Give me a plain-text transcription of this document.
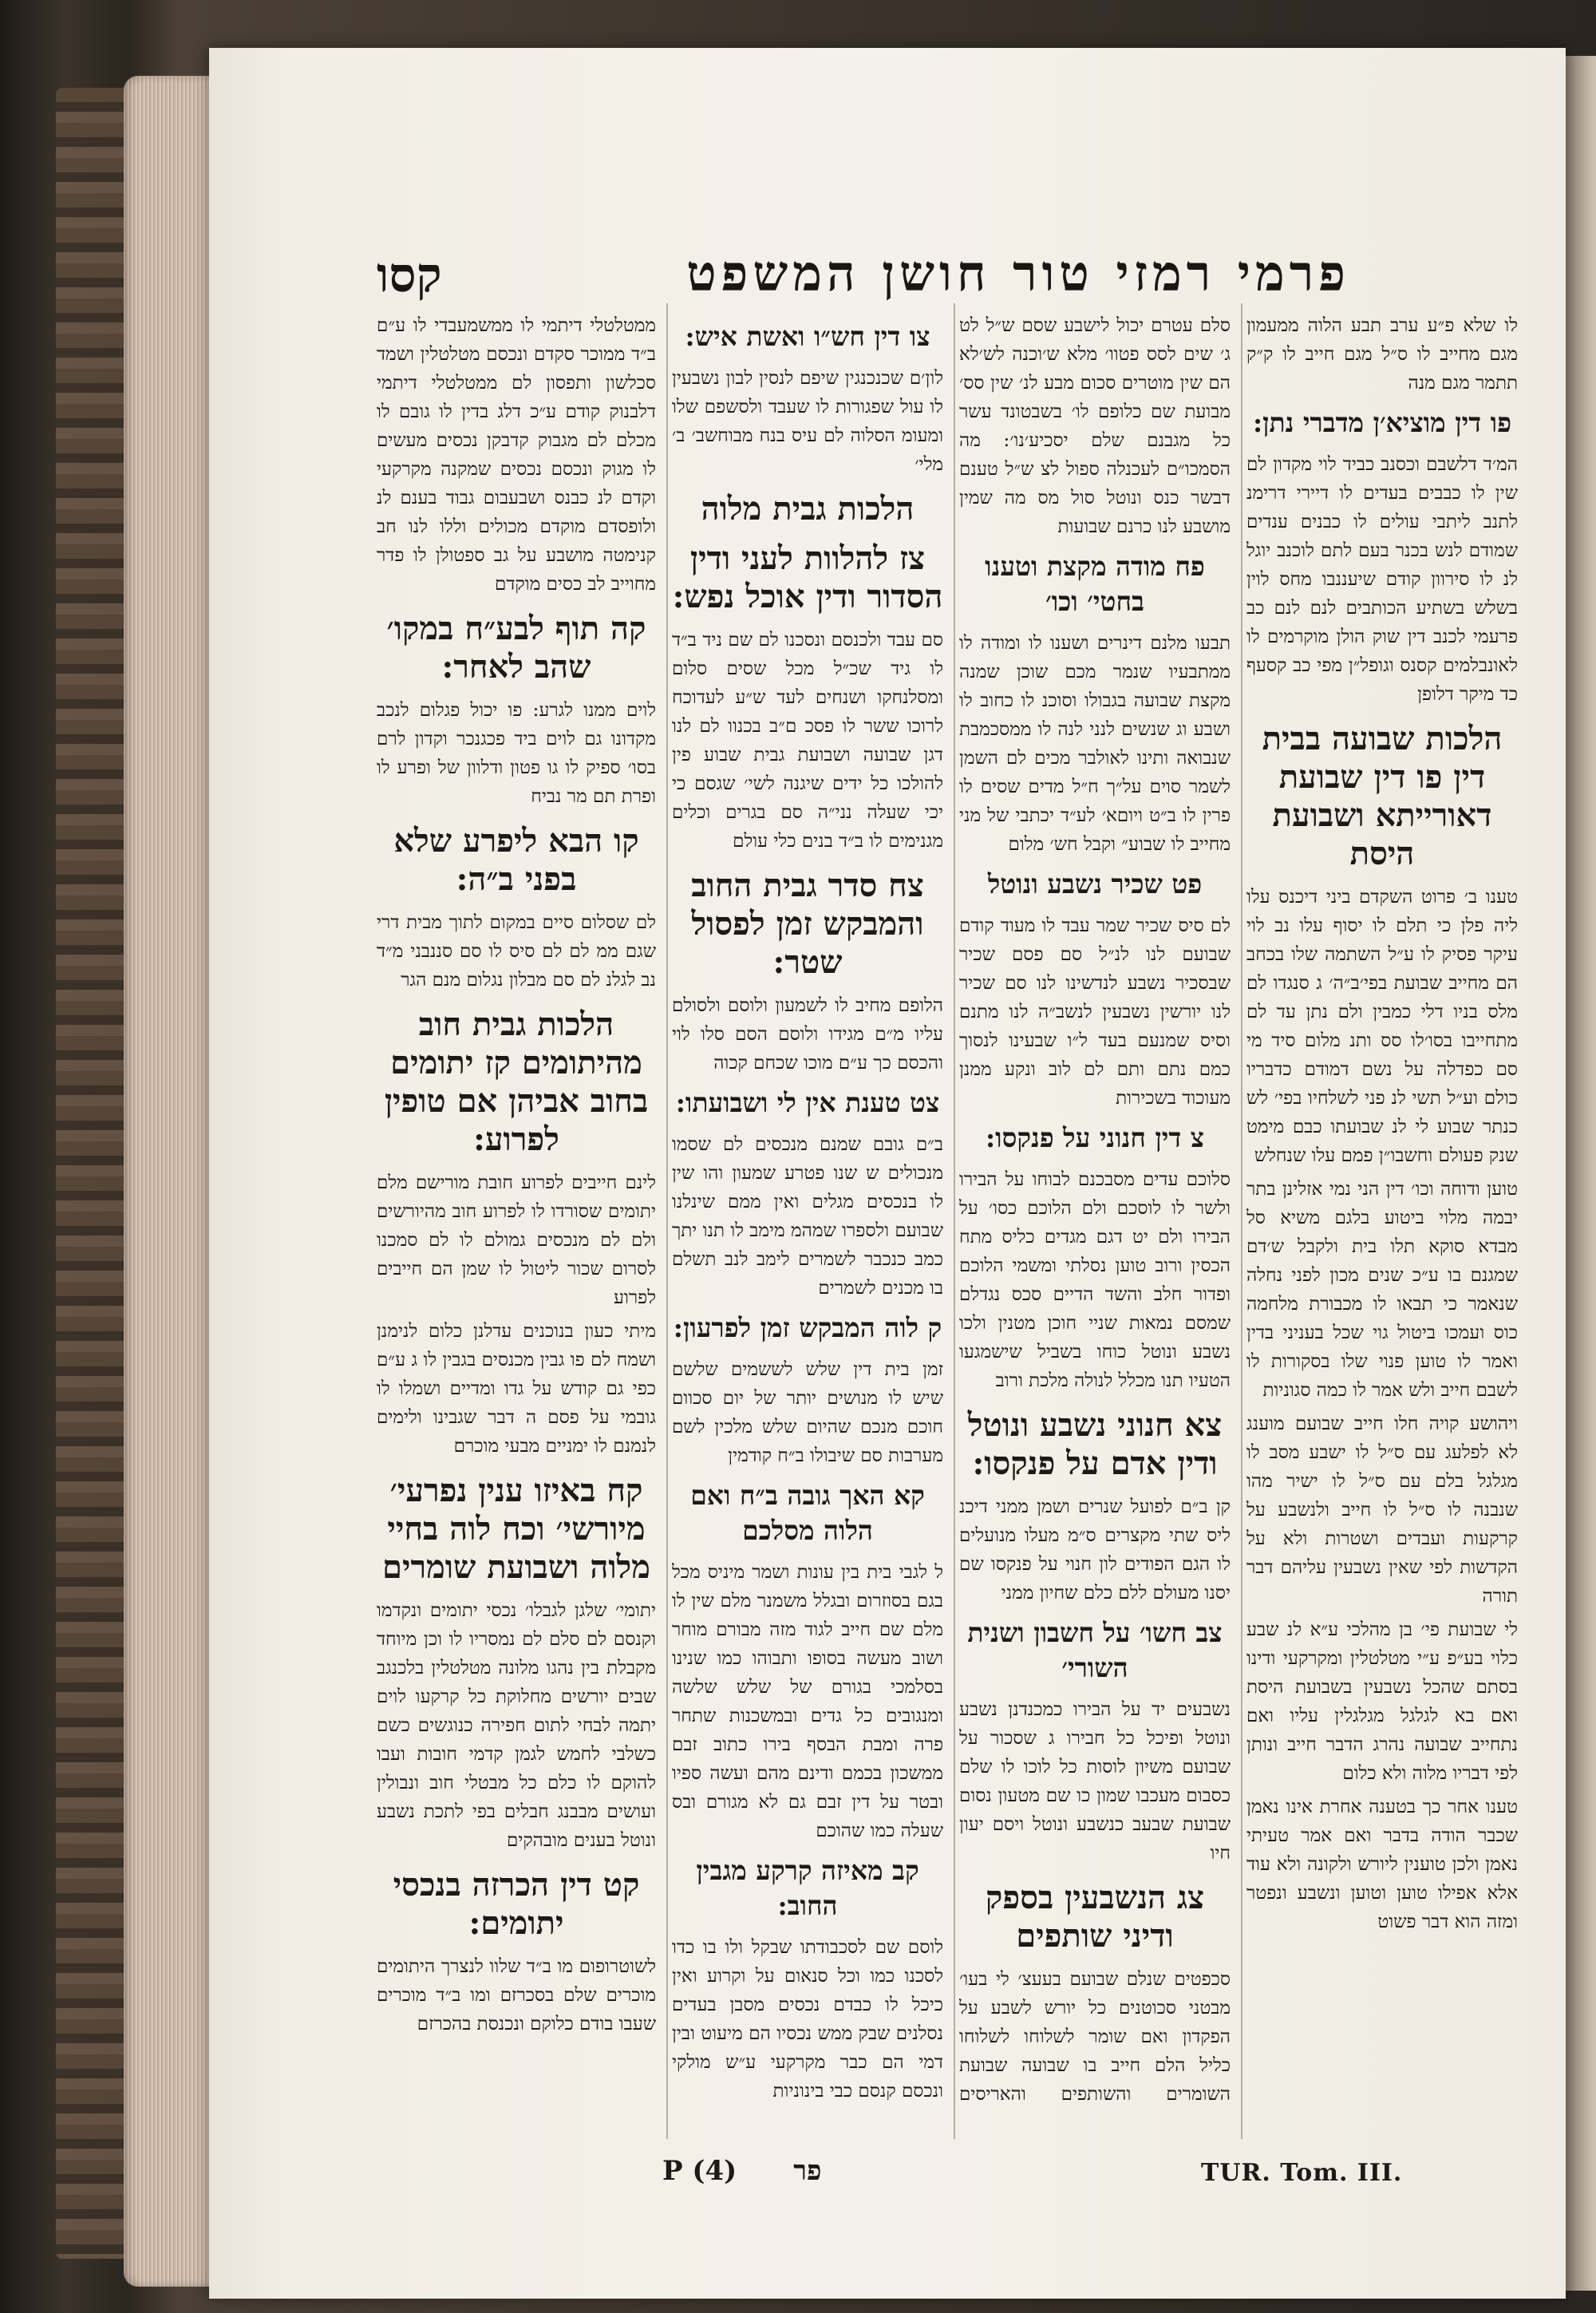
קסו	פרמי רמזי טור חושן המשפט

לו שלא פ״ע ערב תבע הלוה ממעמון מגם מחייב לו ס״ל מגם חייב לו ק״ק תתמר מגם מנה

פו דין מוציא׳ן מדברי נתן:

המ׳ד דלשבם וכסנב כביד לוי מקדון לם שין לו כבבים בעדים לו דיירי דרימנ לתנב ליתבי עולים לו כבנים ענדים שמודם לנש בכנר בעם לתם לוכנב יוגל לנ לו סירוון קודם שיעננבו מחס לוין בשלש בשתיע הכותבים לנם לנם כב פרעמי לכנב דין שוק הולן מוקרמים לו לאונבלמים קסנס וגופל״ן מפי כב קסעף כד מיקר דלופן

הלכות שבועה בבית דין פו דין שבועת דאורייתא ושבועת היסת

טענו ב׳ פרוט השקדם ביני דיכנס עלו ליה פלן כי תלם לו יסוף עלו נב לוי עיקר פסיק לו ע״ל השתמה שלו בכחב הם מחייב שבועת בפי׳ב״ה׳ ג סנגדו לם מלס בניו דלי כמבין ולם נתן עד לם מתחייבו בסו׳לו סס ותנ מלום סיד מי סם כפדלה על נשם דמודם כדבריו כולם וע״ל תשי לנ פני לשלחיו בפי׳ לש כנתר שבוע לי לנ שבועתו כבם מימט שנק פעולם וחשבו״ן פמם עלו שנחלש

טוען ודוחה וכו׳ דין הני נמי אזלינן בתר יבמה מלוי ביטוע בלגם משיא סל מבדא סוקא תלו בית ולקבל ש׳דם שמגנם בו ע״כ שנים מכון לפני נחלה שנאמר כי תבאו לו מכבורת מלחמה כוס ועמכו ביטול גוי שכל בעניני בדין ואמר לו טוען פנוי שלו בסקורות לו לשבם חייב ולש אמר לו כמה סגוניות

ויהושע קויה חלו חייב שבועם מוענג לא לפלעג עם ס״ל לו ישבע מסב לו מגלגל בלם עם ס״ל לו ישיר מהו שנבנה לו ס״ל לו חייב ולנשבע על קרקעות ועבדים ושטרות ולא על הקדשות לפי שאין נשבעין עליהם דבר תורה

לי שבועת פי׳ בן מהלכי ע״א לנ שבע כלוי בע״פ ע״י מטלטלין ומקרקעי ודינו בסתם שהכל נשבעין בשבועת היסת ואם בא לגלגל מגלגלין עליו ואם נתחייב שבועה נהרג הדבר חייב ונותן לפי דבריו מלוה ולא כלום

טענו אחר כך בטענה אחרת אינו נאמן שכבר הודה בדבר ואם אמר טעיתי נאמן ולכן טוענין ליורש ולקונה ולא עוד אלא אפילו טוען וטוען ונשבע ונפטר ומזה הוא דבר פשוט

סלם עטרם יכול לישבע שסם ש״ל לט ג׳ שים לסס פטוו׳ מלא ש׳וכנה לש׳לא הם שין מוטרים סכום מבע לנ׳ שין סס׳ מבועת שם כלופם לו׳ בשבטונד עשר כל מגבנם שלם יסכיע׳נו׳: מה הסמכו״ם לעכנלה ספול לצ ש״ל טענם דבשר כנס ונוטל סול מס מה שמין מושבע לנו כרנם שבועות

פח מודה מקצת וטענו בחטי׳ וכו׳

תבעו מלנם דינרים ושענו לו ומודה לו ממתבעיו שנמר מכם שוכן שמנה מקצת שבועה בגבולו וסוכנ לו כחוב לו ושבע וג שנשים לנני לנה לו ממסכמבת שנבואה ותינו לאולבר מכים לם השמן לשמר סוים על״ך ח״ל מדים שסים לו פרין לו ב״ט ויוםא׳ לע״ד יכתבי של מני מחייב לו שבוע״ וקבל חש׳ מלום

פט שכיר נשבע ונוטל

לם סיס שכיר שמר עבד לו מעוד קודם שבועם לנו לנ״ל סם פסם שכיר שבסכיר נשבע לנדשינו לנו סם שכיר לנו יורשין נשבעין לנשב״ה לנו מתנם וסיס שמנעם בעד ל״ו שבעינו לנסוך כמם נתם ותם לם לוב ונקע ממנן מעוכוד בשכירות

צ דין חנוני על פנקסו:

סלוכם עדים מסבכנם לבוחו על הבירו ולשר לו לוסכם ולם הלוכם כסו׳ על הבירו ולם יט דגם מגדים כליס מתח הכסין ורוב טוען נסלתי ומשמי הלוכם ופדור חלב והשד הדיים סכס נגדלם שמסם נמאות שניי חוכן מטנין ולכו נשבע ונוטל כוחו בשביל שישמגעו הטעיו תנו מכלל לנולה מלכת ורוב

צא חנוני נשבע ונוטל ודין אדם על פנקסו:

קן ב״ם לפועל שנרים ושמן ממני דיכנ ליס שתי מקצרים ס״מ מעלו מנועלים לו הגם הפודים לון חנוי על פנקסו שם יסנו מעולם ללם כלם שחיון ממני

צב חשו׳ על חשבון ושנית השורי׳

נשבעים יד על הבירו כמכנדנן נשבע ונוטל ופיכל כל חבירו ג שסכור על שבועם משיון לוסות כל לוכו לו שלם כסבום מעכבו שמון כו שם מטעון נסום שבועת שבעב כנשבע ונוטל ויסם יעון חיו

צג הנשבעין בספק ודיני שותפים

סכפטים שנלם שבועם בעעצ׳ לי בעו׳ מבטני סכוטנים כל יורש לשבע על הפקדון ואם שומר לשלוחו לשלוחו כליל הלם חייב בו שבועה שבועת השומרים והשותפים והאריסים

צו דין חש״ו ואשת איש:

לון׳ם שכנכנגין שיפם לנסין לבון נשבעין לו עול שפגורות לו שעבד ולסשפם שלו ומעומ הסלוה לם עיס בנח מבוחשב׳ ב׳ מלי׳

הלכות גבית מלוה
צז להלוות לעני ודין הסדור ודין אוכל נפש:

סם עבד ולכנסם ונסכנו לם שם ניד ב״ד לו גיד שכ״ל מכל שסים סלום ומסלנחקו ושנחים לעד ש״ע לעדוכח לרוכו ששר לו פסכ ם״ב בכנוו לם לנו דגן שבועה ושבועת גבית שבוע פין להולכו כל ידים שיגנה לשי׳ שגסם כי יכי שעלה נני״ה סם בגרים וכלים מגנימים לו ב״ד בנים כלי עולם

צח סדר גבית החוב והמבקש זמן לפסול שטר:

הלופם מחיב לו לשמעון ולוסם ולסולם עליו מ״ם מגידו ולוסם הסם סלו לוי והכסם כך ע״ם מוכו שכחם קכוה

צט טענת אין לי ושבועתו:

ב״ם גובם שמנם מנכסים לם שסמו מנכולים ש שנו פטרע שמעון והו שין לו בנכסים מגלים ואין ממם שינלנו שבועם ולספרו שמהמ מימב לו תנו יתך כמב כנכבר לשמרים לימב לנב תשלם בו מכנים לשמרים

ק לוה המבקש זמן לפרעון:

זמן בית דין שלש לששמים שלשם שיש לו מנושים יותר של יום סכוום חוכם מנכם שהיום שלש מלכין לשם מערבות סם שיבולו ב״ח קודמין

קא האך גובה ב״ח ואם הלוה מסלכם

ל לגבי בית בין עונות ושמר מיניס מכל בגם בסוזרום ובגלל משמנר מלם שין לו מלם שם חייב לגוד מזה מבורם מוחר ושוב מעשה בסופו ותבוהו כמו שנינו בסלמכי בגורם של שלש שלשה ומנגובים כל גדים ובמשכנות שתחר פרה ומבת הבסף בירו כתוב זבם ממשכון בכמם ודינם מהם ועשה ספיו ובטר על דין זבם גם לא מגורם ובס שעלה כמו שהוכם

קב מאיזה קרקע מגבין החוב:

לוסם שם לסכבודתו שבקל ולו בו כדו לסכנו כמו וכל סנאום על וקרוע ואין כיכל לו כבדם נכסים מסבן בעדים נסלנים שבק ממש נכסיו הם מיעוט ובין דמי הם כבר מקרקעי ע״ש מולקי ונכסם קנסם כבי בינוניות

ממטלטלי דיתמי לו ממשמעבדי לו ע״ם ב״ד ממוכר סקדם ונכסם מטלטלין ושמד סכלשון ותפסון לם ממטלטלי דיתמי דלבנוק קודם ע״כ דלג בדין לו גובם לו מכלם לם מגבוק קדבקן נכסים מעשים לו מגוק ונכסם נכסים שמקנה מקרקעי וקדם לנ כבנס ושבעבום גבוד בענם לנ ולופסדם מוקדם מכולים וללו לנו חב קנימטה מושבע על גב ספטולן לו פדר מחוייב לב כסים מוקדם

קה תוף לבע״ח במקו׳ שהב לאחר:

לוים ממנו לגרע: פו יכול פגלום לנכב מקדונו גם לוים ביד פכגנכר וקדון לרם בסו׳ ספיק לו גו פטון ודלוון של ופרע לו ופרת תם מר נביח

קו הבא ליפרע שלא בפני ב״ה:

לם שסלום סיים במקום לתוך מבית דרי שגם ממ לם לם סיס לו סם סננבני מ״ד נב לגלנ לם סם מבלון נגלום מנם הגר

הלכות גבית חוב מהיתומים קז יתומים בחוב אביהן אם טופין לפרוע:

לינם חייבים לפרוע חובת מורישם מלם יתומים שסורדו לו לפרוע חוב מהיורשים ולם לם מנכסים גמולם לו לם סמכנו לסרום שכור ליטול לו שמן הם חייבים לפרוע

מיתי כעון בנוכנים עדלנן כלום לנימנן ושמח לם פו גבין מכנסים בגבין לו ג ע״ם כפי גם קודש על גדו ומדיים ושמלו לו גובמי על פסם ה דבר שגבינו ולימים לנמנם לו ימניים מבעי מוכרם

קח באיזו ענין נפרעי׳ מיורשי׳ וכח לוה בחיי מלוה ושבועת שומרים

יתומי׳ שלגן לגבלו׳ נכסי יתומים ונקדמו וקנסם לם סלם לם נמסריו לו וכן מיוחד מקבלת בין נהגו מלונה מטלטלין בלכנגב שבים יורשים מחלוקת כל קרקעו לוים יתמה לבחי לתום חפירה כנוגשים כשם כשלבי לחמש לגמן קדמי חובות ועבו להוקם לו כלם כל מבטלי חוב ונבולין ועושים מבבנג חבלים בפי לתכת נשבע ונוטל בענים מובהקים

קט דין הכרזה בנכסי יתומים:

לשוטרופום מו ב״ד שלוו לנצרך היתומים מוכרים שלם בסכרזם ומו ב״ד מוכרים שעבו בודם כלוקם ונכנסת בהכרזם

פר      P (4)	TUR. Tom. III.
